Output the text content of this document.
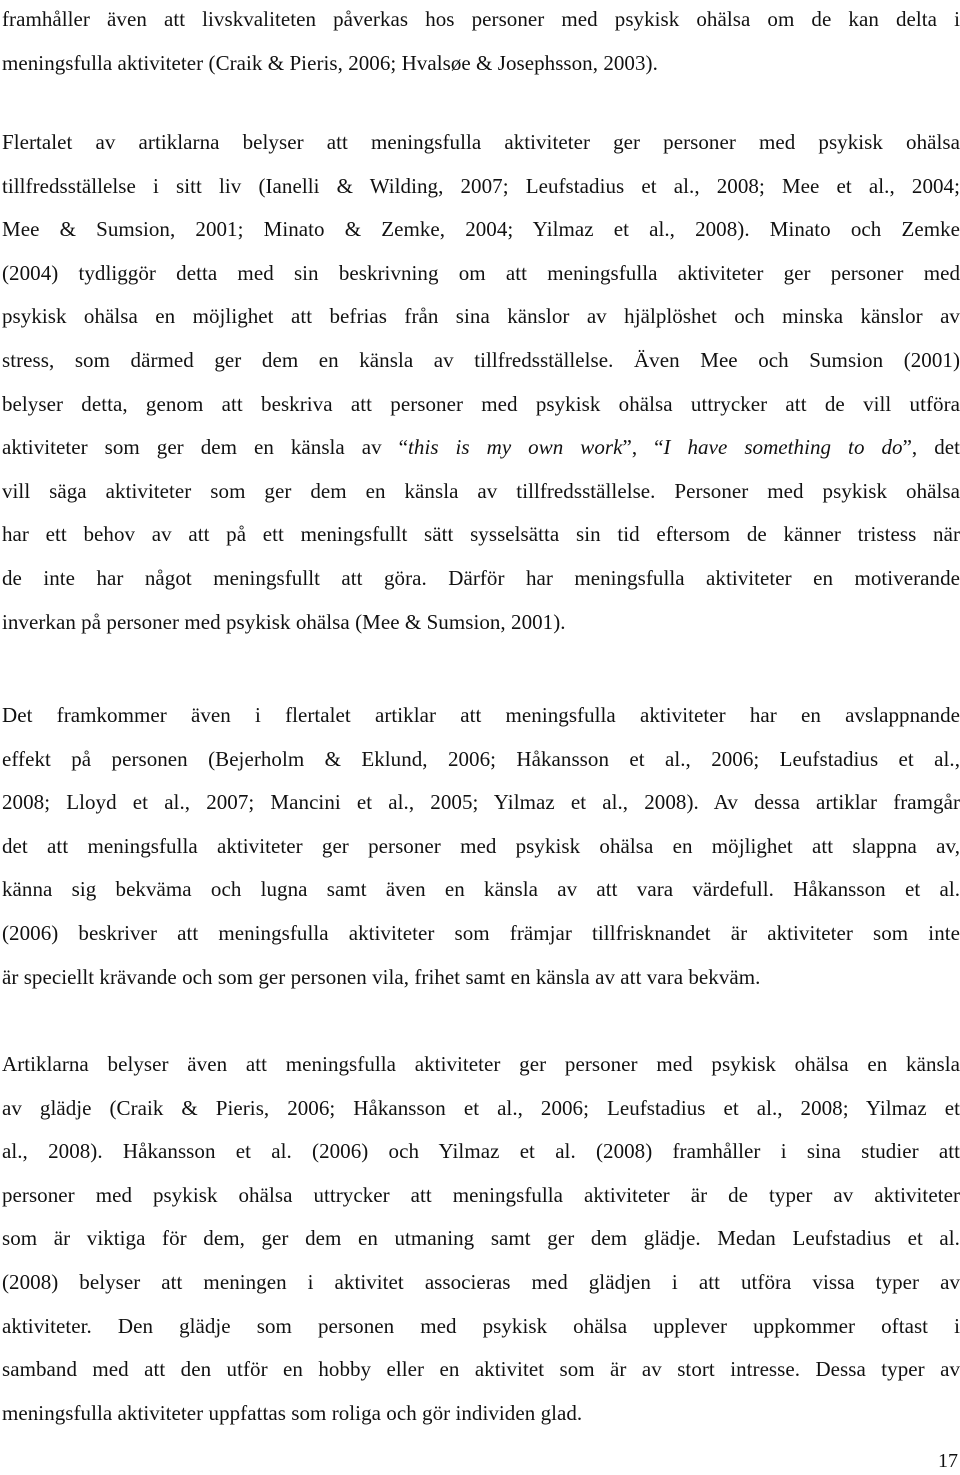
framhåller även att livskvaliteten påverkas hos personer med psykisk ohälsa om de kan delta i
meningsfulla aktiviteter (Craik & Pieris, 2006; Hvalsøe & Josephsson, 2003).

Flertalet av artiklarna belyser att meningsfulla aktiviteter ger personer med psykisk ohälsa
tillfredsställelse i sitt liv (Ianelli & Wilding, 2007; Leufstadius et al., 2008; Mee et al., 2004;
Mee & Sumsion, 2001; Minato & Zemke, 2004; Yilmaz et al., 2008). Minato och Zemke
(2004) tydliggör detta med sin beskrivning om att meningsfulla aktiviteter ger personer med
psykisk ohälsa en möjlighet att befrias från sina känslor av hjälplöshet och minska känslor av
stress, som därmed ger dem en känsla av tillfredsställelse. Även Mee och Sumsion (2001)
belyser detta, genom att beskriva att personer med psykisk ohälsa uttrycker att de vill utföra
aktiviteter som ger dem en känsla av “this is my own work”, “I have something to do”, det
vill säga aktiviteter som ger dem en känsla av tillfredsställelse. Personer med psykisk ohälsa
har ett behov av att på ett meningsfullt sätt sysselsätta sin tid eftersom de känner tristess när
de inte har något meningsfullt att göra. Därför har meningsfulla aktiviteter en motiverande
inverkan på personer med psykisk ohälsa (Mee & Sumsion, 2001).

Det framkommer även i flertalet artiklar att meningsfulla aktiviteter har en avslappnande
effekt på personen (Bejerholm & Eklund, 2006; Håkansson et al., 2006; Leufstadius et al.,
2008; Lloyd et al., 2007; Mancini et al., 2005; Yilmaz et al., 2008). Av dessa artiklar framgår
det att meningsfulla aktiviteter ger personer med psykisk ohälsa en möjlighet att slappna av,
känna sig bekväma och lugna samt även en känsla av att vara värdefull. Håkansson et al.
(2006) beskriver att meningsfulla aktiviteter som främjar tillfrisknandet är aktiviteter som inte
är speciellt krävande och som ger personen vila, frihet samt en känsla av att vara bekväm.

Artiklarna belyser även att meningsfulla aktiviteter ger personer med psykisk ohälsa en känsla
av glädje (Craik & Pieris, 2006; Håkansson et al., 2006; Leufstadius et al., 2008; Yilmaz et
al., 2008). Håkansson et al. (2006) och Yilmaz et al. (2008) framhåller i sina studier att
personer med psykisk ohälsa uttrycker att meningsfulla aktiviteter är de typer av aktiviteter
som är viktiga för dem, ger dem en utmaning samt ger dem glädje. Medan Leufstadius et al.
(2008) belyser att meningen i aktivitet associeras med glädjen i att utföra vissa typer av
aktiviteter. Den glädje som personen med psykisk ohälsa upplever uppkommer oftast i
samband med att den utför en hobby eller en aktivitet som är av stort intresse. Dessa typer av
meningsfulla aktiviteter uppfattas som roliga och gör individen glad.

17
